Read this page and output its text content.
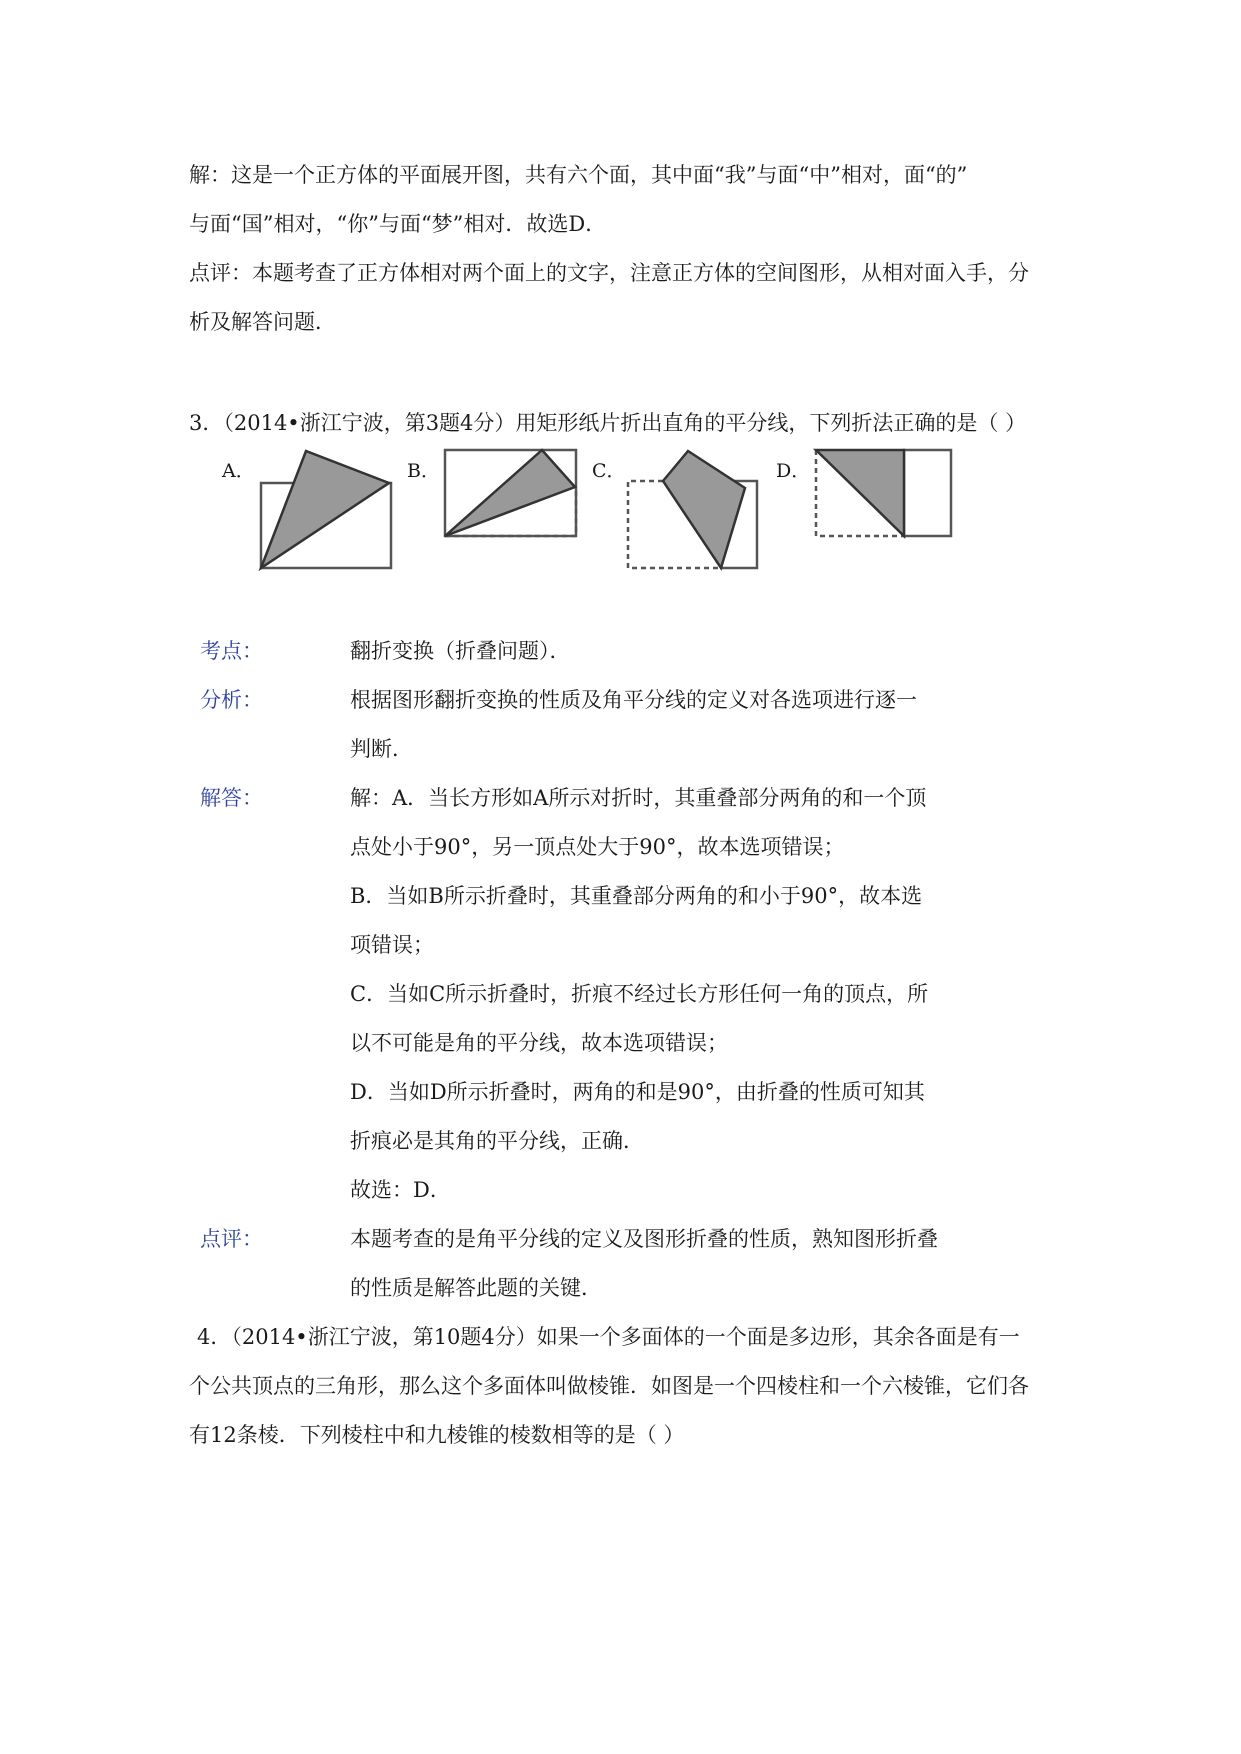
解：这是一个正方体的平面展开图，共有六个面，其中面“我”与面“中”相对，面“的”
与面“国”相对，“你”与面“梦”相对．故选D．
点评：本题考查了正方体相对两个面上的文字，注意正方体的空间图形，从相对面入手，分
析及解答问题．
3．（2014•浙江宁波，第3题4分）用矩形纸片折出直角的平分线，下列折法正确的是（ ）
A．	B．	C．	D．
考点：	翻折变换（折叠问题）．
分析：	根据图形翻折变换的性质及角平分线的定义对各选项进行逐一
判断．
解答：	解：A．当长方形如A所示对折时，其重叠部分两角的和一个顶
点处小于90°，另一顶点处大于90°，故本选项错误；
B．当如B所示折叠时，其重叠部分两角的和小于90°，故本选
项错误；
C．当如C所示折叠时，折痕不经过长方形任何一角的顶点，所
以不可能是角的平分线，故本选项错误；
D．当如D所示折叠时，两角的和是90°，由折叠的性质可知其
折痕必是其角的平分线，正确．
故选：D．
点评：	本题考查的是角平分线的定义及图形折叠的性质，熟知图形折叠
的性质是解答此题的关键．
4．（2014•浙江宁波，第10题4分）如果一个多面体的一个面是多边形，其余各面是有一
个公共顶点的三角形，那么这个多面体叫做棱锥．如图是一个四棱柱和一个六棱锥，它们各
有12条棱．下列棱柱中和九棱锥的棱数相等的是（ ）
